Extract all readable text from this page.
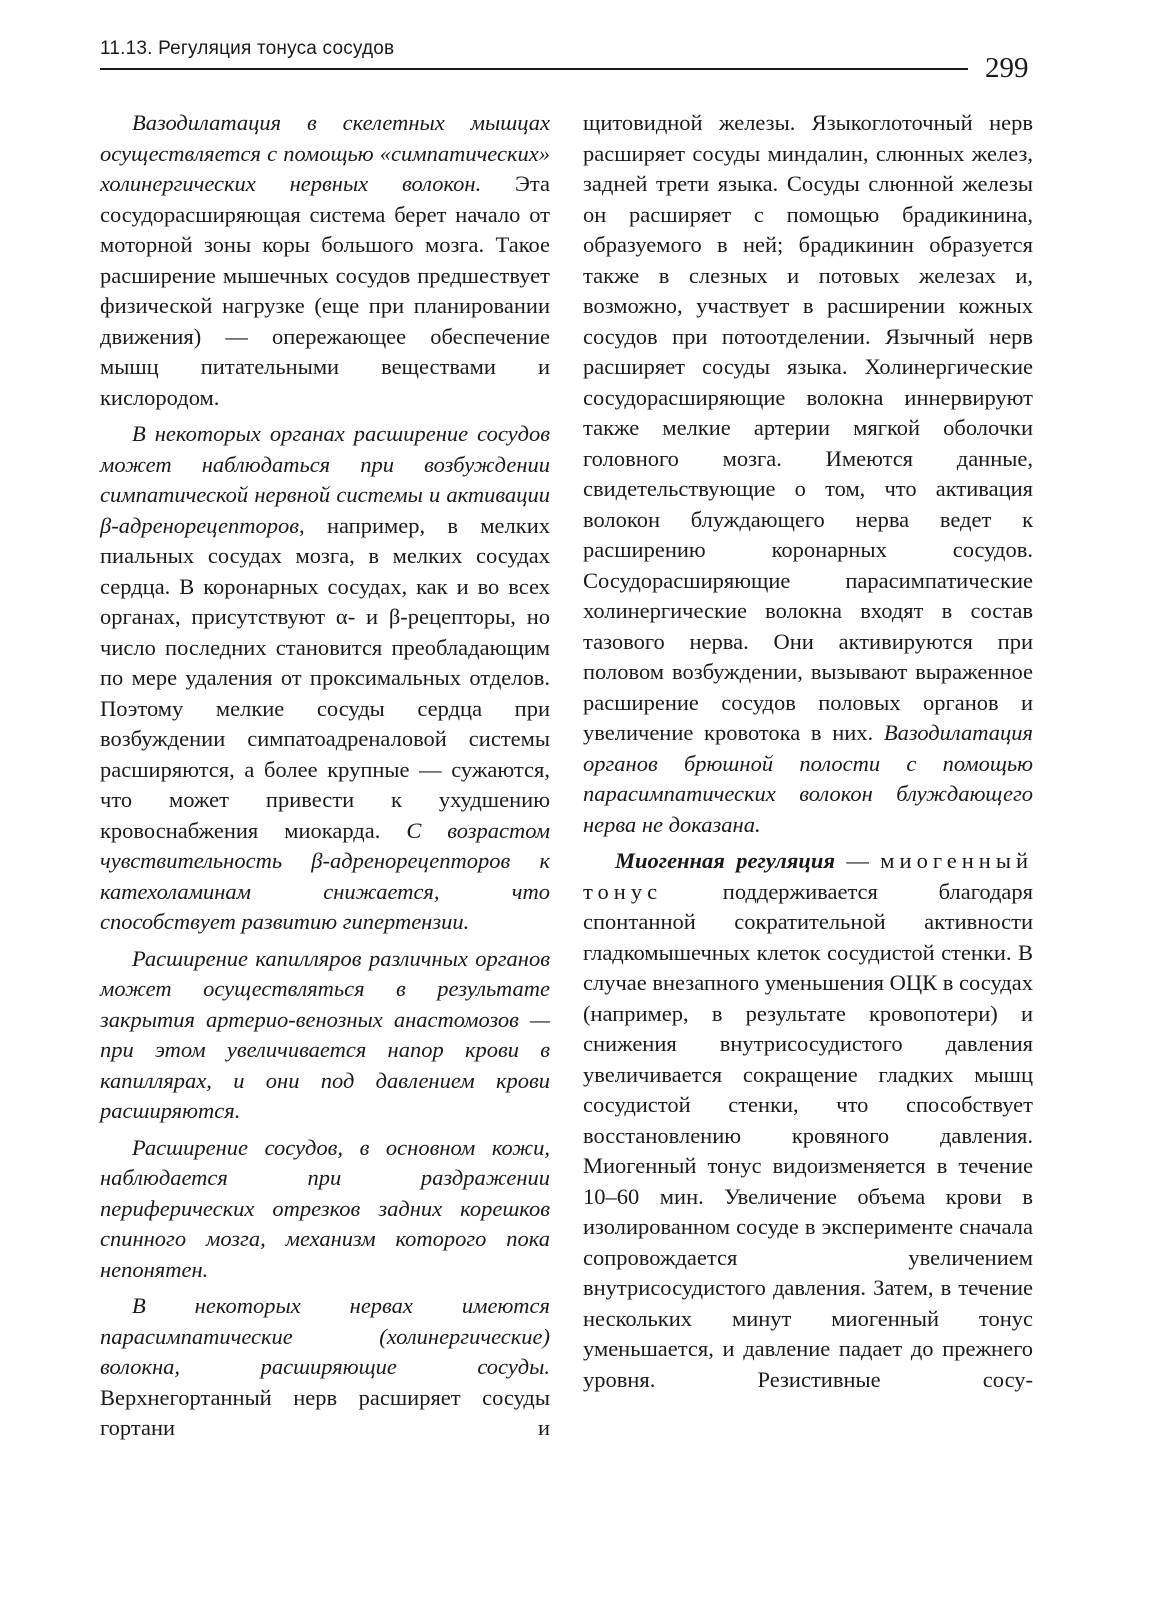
11.13. Регуляция тонуса сосудов
299

Вазодилатация в скелетных мышцах осуществляется с помощью «симпатических» холинергических нервных волокон. Эта сосудорасширяющая система берет начало от моторной зоны коры большого мозга. Такое расширение мышечных сосудов предшествует физической нагрузке (еще при планировании движения) — опережающее обеспечение мышц питательными веществами и кислородом.

В некоторых органах расширение сосудов может наблюдаться при возбуждении симпатической нервной системы и активации β-адренорецепторов, например, в мелких пиальных сосудах мозга, в мелких сосудах сердца. В коронарных сосудах, как и во всех органах, присутствуют α- и β-рецепторы, но число последних становится преобладающим по мере удаления от проксимальных отделов. Поэтому мелкие сосуды сердца при возбуждении симпатоадреналовой системы расширяются, а более крупные — сужаются, что может привести к ухудшению кровоснабжения миокарда. С возрастом чувствительность β-адренорецепторов к катехоламинам снижается, что способствует развитию гипертензии.

Расширение капилляров различных органов может осуществляться в результате закрытия артерио-венозных анастомозов — при этом увеличивается напор крови в капиллярах, и они под давлением крови расширяются.

Расширение сосудов, в основном кожи, наблюдается при раздражении периферических отрезков задних корешков спинного мозга, механизм которого пока непонятен.

В некоторых нервах имеются парасимпатические (холинергические) волокна, расширяющие сосуды. Верхнегортанный нерв расширяет сосуды гортани и

щитовидной железы. Языкоглоточный нерв расширяет сосуды миндалин, слюнных желез, задней трети языка. Сосуды слюнной железы он расширяет с помощью брадикинина, образуемого в ней; брадикинин образуется также в слезных и потовых железах и, возможно, участвует в расширении кожных сосудов при потоотделении. Язычный нерв расширяет сосуды языка. Холинергические сосудорасширяющие волокна иннервируют также мелкие артерии мягкой оболочки головного мозга. Имеются данные, свидетельствующие о том, что активация волокон блуждающего нерва ведет к расширению коронарных сосудов. Сосудорасширяющие парасимпатические холинергические волокна входят в состав тазового нерва. Они активируются при половом возбуждении, вызывают выраженное расширение сосудов половых органов и увеличение кровотока в них. Вазодилатация органов брюшной полости с помощью парасимпатических волокон блуждающего нерва не доказана.

Миогенная регуляция — миогенный тонус поддерживается благодаря спонтанной сократительной активности гладкомышечных клеток сосудистой стенки. В случае внезапного уменьшения ОЦК в сосудах (например, в результате кровопотери) и снижения внутрисосудистого давления увеличивается сокращение гладких мышц сосудистой стенки, что способствует восстановлению кровяного давления. Миогенный тонус видоизменяется в течение 10–60 мин. Увеличение объема крови в изолированном сосуде в эксперименте сначала сопровождается увеличением внутрисосудистого давления. Затем, в течение нескольких минут миогенный тонус уменьшается, и давление падает до прежнего уровня. Резистивные сосу-
